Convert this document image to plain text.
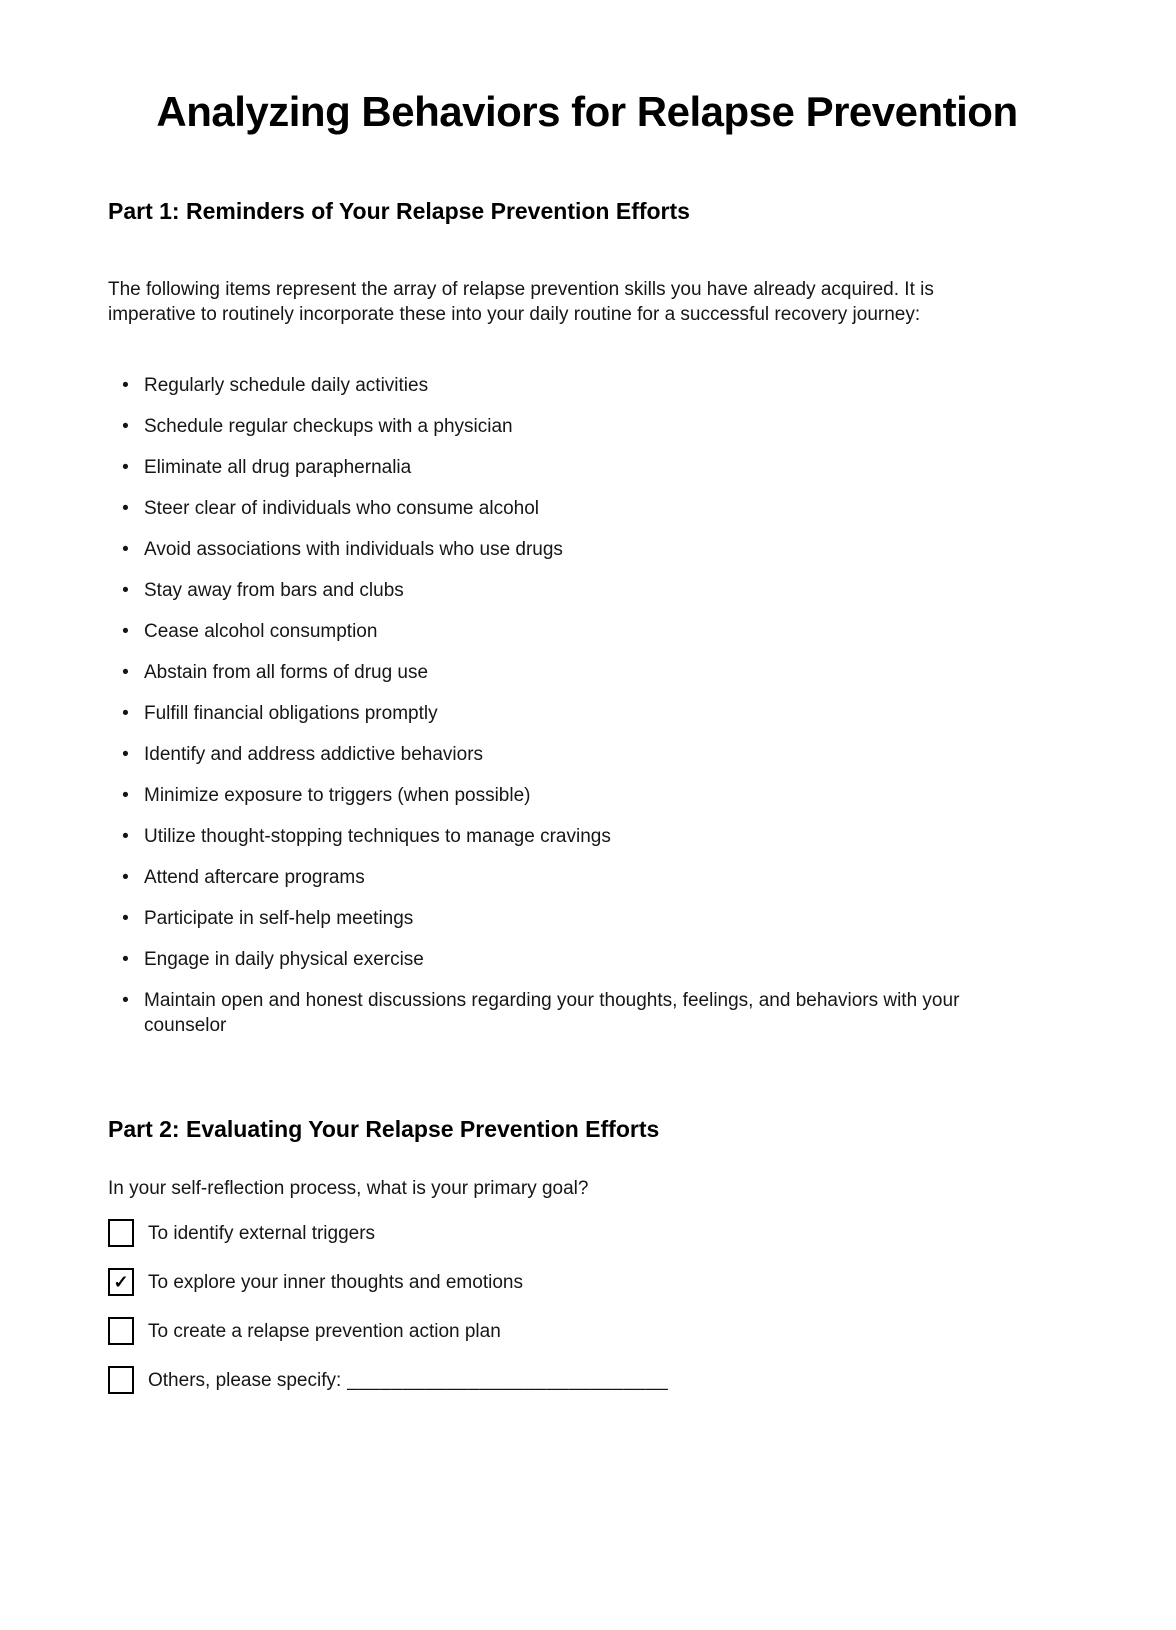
Analyzing Behaviors for Relapse Prevention
Part 1: Reminders of Your Relapse Prevention Efforts

The following items represent the array of relapse prevention skills you have already acquired. It is imperative to routinely incorporate these into your daily routine for a successful recovery journey:

• Regularly schedule daily activities
• Schedule regular checkups with a physician
• Eliminate all drug paraphernalia
• Steer clear of individuals who consume alcohol
• Avoid associations with individuals who use drugs
• Stay away from bars and clubs
• Cease alcohol consumption
• Abstain from all forms of drug use
• Fulfill financial obligations promptly
• Identify and address addictive behaviors
• Minimize exposure to triggers (when possible)
• Utilize thought-stopping techniques to manage cravings
• Attend aftercare programs
• Participate in self-help meetings
• Engage in daily physical exercise
• Maintain open and honest discussions regarding your thoughts, feelings, and behaviors with your counselor
Part 2: Evaluating Your Relapse Prevention Efforts

In your self-reflection process, what is your primary goal?

To identify external triggers
✓ To explore your inner thoughts and emotions
To create a relapse prevention action plan
Others, please specify: _____________________________
